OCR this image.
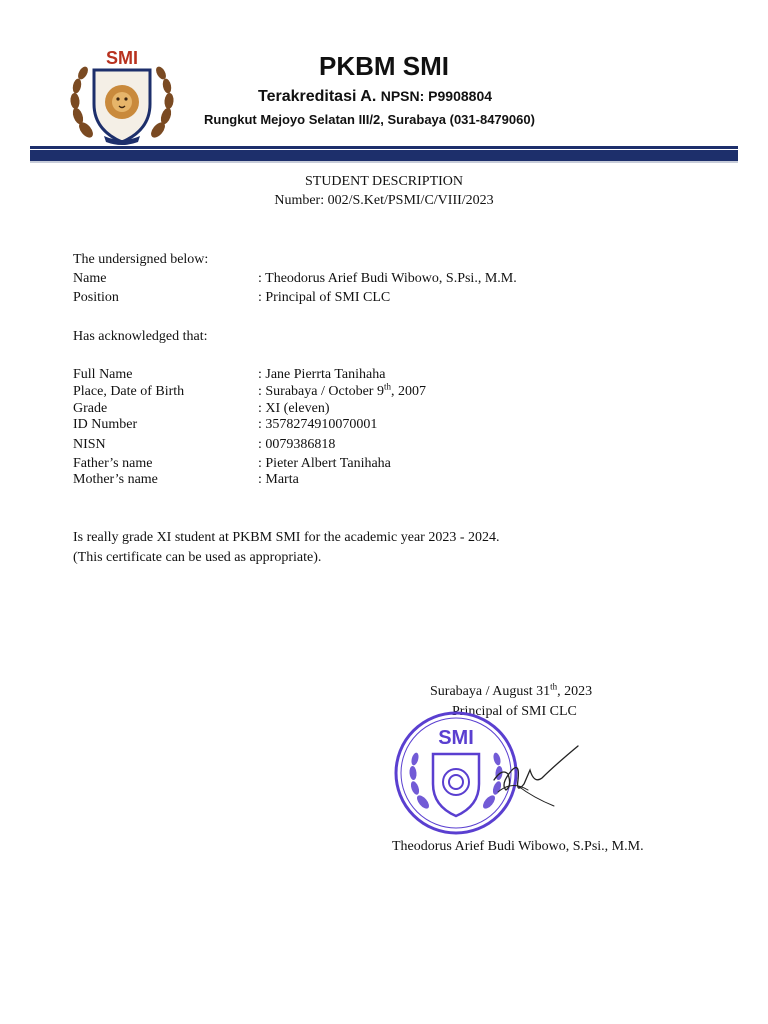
SMI	PKBM SMI
Terakreditasi A. NPSN: P9908804
Rungkut Mejoyo Selatan III/2, Surabaya (031-8479060)
STUDENT DESCRIPTION
Number: 002/S.Ket/PSMI/C/VIII/2023
The undersigned below:
Name	: Theodorus Arief Budi Wibowo, S.Psi., M.M.
Position	: Principal of SMI CLC
Has acknowledged that:
Full Name	: Jane Pierrta Tanihaha
Place, Date of Birth	: Surabaya / October 9th, 2007
Grade	: XI (eleven)
ID Number	: 3578274910070001
NISN	: 0079386818
Father’s name	: Pieter Albert Tanihaha
Mother’s name	: Marta
Is really grade XI student at PKBM SMI for the academic year 2023 - 2024.
(This certificate can be used as appropriate).
Surabaya / August 31th, 2023
Principal of SMI CLC
SMI
Theodorus Arief Budi Wibowo, S.Psi., M.M.
